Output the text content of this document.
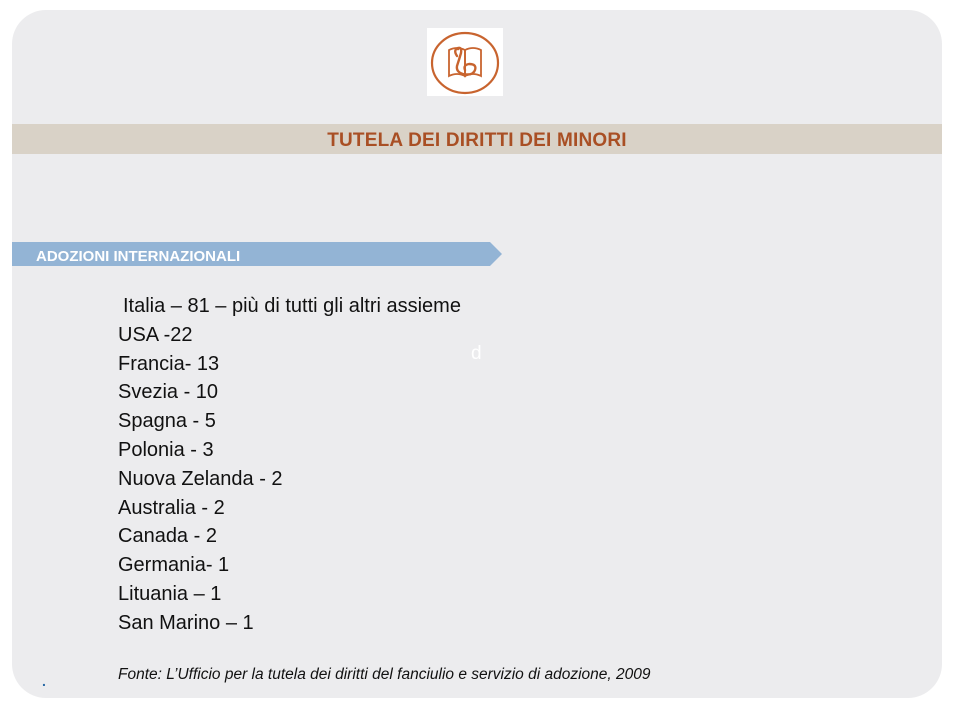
TUTELA DEI DIRITTI DEI MINORI
ADOZIONI INTERNAZIONALI
Italia – 81 – più di tutti gli altri assieme
USA -22
Francia- 13
Svezia - 10
Spagna - 5
Polonia - 3
Nuova Zelanda - 2
Australia - 2
Canada - 2
Germania- 1
Lituania – 1
San Marino – 1
d
.	Fonte: L’Ufficio per la tutela dei diritti del fanciulio e servizio di adozione, 2009
